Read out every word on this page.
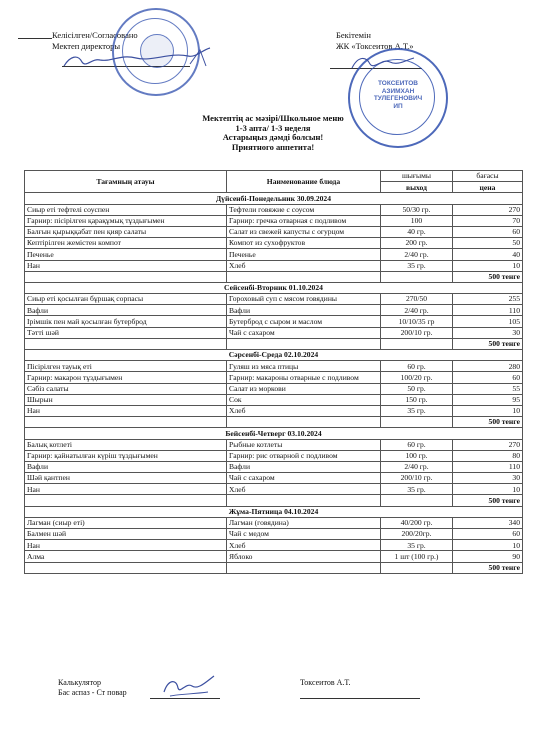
Келісілген/Согласовано
Мектеп директоры
Бекітемін
ЖК «Токсеитов А.Т.»
ТОКСЕИТОВ
АЗИМХАН
ТУЛЕГЕНОВИЧ
ИП
Мектептің ас мәзірі/Школьное меню
1-3 апта/ 1-3 неделя
Астарыңыз дәмді болсын!
Приятного аппетита!
Тағамның атауы	Наименование блюда	шығымы	бағасы
		выход	цена
Дүйсенбі-Понедельник 30.09.2024			
Сиыр еті тефтелі соуспен	Тефтели говяжие с соусом	50/30 гр.	270
Гарнир: пісірілген қарақұмық тұздығымен	Гарнир: гречка отварная с подливом	100	70
Балғын қырыққабат пен қияр салаты	Салат из свежей капусты с огурцом	40 гр.	60
Кептірілген жемістен компот	Компот из сухофруктов	200 гр.	50
Печенье	Печенье	2/40 гр.	40
Нан	Хлеб	35 гр.	10
			500 тенге
Сейсенбі-Вторник 01.10.2024			
Сиыр еті қосылған бұршақ сорпасы	Гороховый суп с мясом говядины	270/50	255
Вафли	Вафли	2/40 гр.	110
Ірімшік пен май қосылған бутерброд	Бутерброд с сыром и маслом	10/10/35 гр	105
Тәтті шәй	Чай с сахаром	200/10 гр.	30
			500 тенге
Сәрсенбі-Среда 02.10.2024			
Пісірілген тауық еті	Гуляш из мяса птицы	60 гр.	280
Гарнир: макарон тұздығымен	Гарнир: макароны отварные с подливом	100/20 гр.	60
Сәбіз салаты	Салат из моркови	50 гр.	55
Шырын	Сок	150 гр.	95
Нан	Хлеб	35 гр.	10
			500 тенге
Бейсенбі-Четверг 03.10.2024			
Балық котлеті	Рыбные котлеты	60 гр.	270
Гарнир: қайнатылған күріш тұздығымен	Гарнир: рис отварной с подливом	100 гр.	80
Вафли	Вафли	2/40 гр.	110
Шәй қантпен	Чай с сахаром	200/10 гр.	30
Нан	Хлеб	35 гр.	10
			500 тенге
Жұма-Пятница 04.10.2024			
Лагман (сиыр еті)	Лагман (говядина)	40/200 гр.	340
Балмен шәй	Чай с медом	200/20гр.	60
Нан	Хлеб	35 гр.	10
Алма	Яблоко	1 шт (100 гр.)	90
			500 тенге
Калькулятор
Бас аспаз - Ст повар
Токсеитов А.Т.
